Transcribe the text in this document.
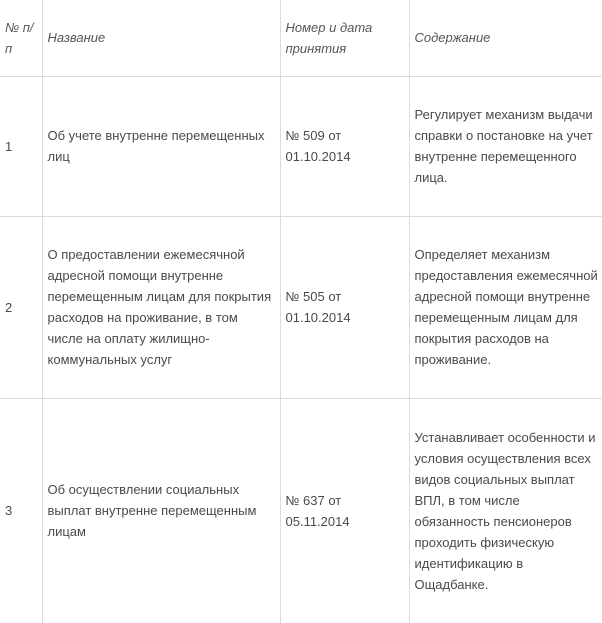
№ п/п	Название	Номер и дата принятия	Содержание
1	Об учете внутренне перемещенных лиц	№ 509 от 01.10.2014	Регулирует механизм выдачи справки о постановке на учет внутренне перемещенного лица.
2	О предоставлении ежемесячной адресной помощи внутренне перемещенным лицам для покрытия расходов на проживание, в том числе на оплату жилищно-коммунальных услуг	№ 505 от 01.10.2014	Определяет механизм предоставления ежемесячной адресной помощи внутренне перемещенным лицам для покрытия расходов на проживание.
3	Об осуществлении социальных выплат внутренне перемещенным лицам	№ 637 от 05.11.2014	Устанавливает особенности и условия осуществления всех видов социальных выплат ВПЛ, в том числе обязанность пенсионеров проходить физическую идентификацию в Ощадбанке.
